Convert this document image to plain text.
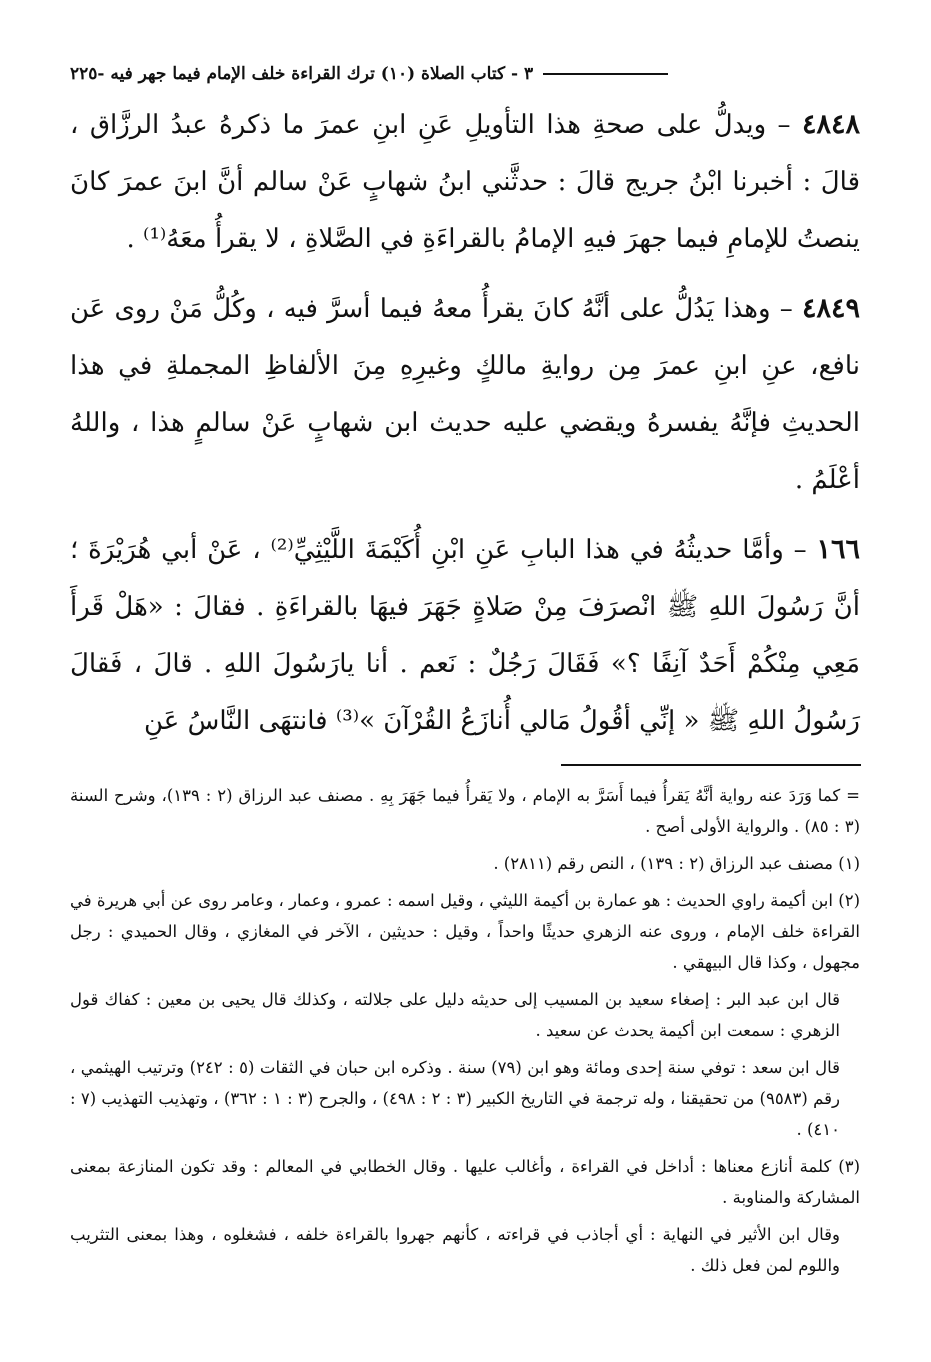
٣ - كتاب الصلاة (١٠) ترك القراءة خلف الإمام فيما جهر فيه -٢٢٥

٤٨٤٨ – ويدلُّ على صحةِ هذا التأويلِ عَنِ ابنِ عمرَ ما ذكرهُ عبدُ الرزَّاق ، قالَ : أخبرنا ابْنُ جريج قالَ : حدثَّني ابنُ شهابٍ عَنْ سالم أنَّ ابنَ عمرَ كانَ ينصتُ للإمامِ فيما جهرَ فيهِ الإمامُ بالقراءَةِ في الصَّلاةِ ، لا يقرأُ معَهُ⁽¹⁾ .

٤٨٤٩ – وهذا يَدُلُّ على أنَّهُ كانَ يقرأُ معهُ فيما أسرَّ فيه ، وكُلُّ مَنْ روى عَن نافع، عنِ ابنِ عمرَ مِن روايةِ مالكٍ وغيرِهِ مِنَ الألفاظِ المجملةِ في هذا الحديثِ فإنَّهُ يفسرهُ ويقضي عليه حديث ابن شهابٍ عَنْ سالمٍ هذا ، واللهُ أعْلَمُ .

١٦٦ – وأمَّا حديثُهُ في هذا البابِ عَنِ ابْنِ أُكَيْمَةَ اللَّيْثِيِّ⁽²⁾ ، عَنْ أبي هُرَيْرَةَ ؛ أنَّ رَسُولَ اللهِ ﷺ انْصرَفَ مِنْ صَلاةٍ جَهَرَ فيهَا بالقراءَةِ . فقالَ : «هَلْ قَرأَ مَعِي مِنْكُمْ أَحَدٌ آنِفًا ؟» فَقَالَ رَجُلٌ : نَعم . أنا يارَسُولَ اللهِ . قالَ ، فَقالَ رَسُولُ اللهِ ﷺ « إنِّي أقُولُ مَالي أُنازَعُ القُرْآنَ »⁽³⁾ فانتهَى النَّاسُ عَنِ

= كما وَرَدَ عنه رواية أنَّهُ يَقرأُ فيما أَسَرَّ به الإمام ، ولا يَقرأُ فيما جَهَرَ بِهِ . مصنف عبد الرزاق (٢ : ١٣٩)، وشرح السنة (٣ : ٨٥) . والرواية الأولى أصح .
(١) مصنف عبد الرزاق (٢ : ١٣٩) ، النص رقم (٢٨١١) .
(٢) ابن أكيمة راوي الحديث : هو عمارة بن أكيمة الليثي ، وقيل اسمه : عمرو ، وعمار ، وعامر روى عن أبي هريرة في القراءة خلف الإمام ، وروى عنه الزهري حديثًا واحداً ، وقيل : حديثين ، الآخر في المغازي ، وقال الحميدي : رجل مجهول ، وكذا قال البيهقي .
قال ابن عبد البر : إصغاء سعيد بن المسيب إلى حديثه دليل على جلالته ، وكذلك قال يحيى بن معين : كفاك قول الزهري : سمعت ابن أكيمة يحدث عن سعيد .
قال ابن سعد : توفي سنة إحدى ومائة وهو ابن (٧٩) سنة . وذكره ابن حبان في الثقات (٥ : ٢٤٢) وترتيب الهيثمي ، رقم (٩٥٨٣) من تحقيقنا ، وله ترجمة في التاريخ الكبير (٣ : ٢ : ٤٩٨) ، والجرح (٣ : ١ : ٣٦٢) ، وتهذيب التهذيب (٧ : ٤١٠) .
(٣) كلمة أنازع معناها : أداخل في القراءة ، وأغالب عليها . وقال الخطابي في المعالم : وقد تكون المنازعة بمعنى المشاركة والمناوبة .
وقال ابن الأثير في النهاية : أي أجاذب في قراءته ، كأنهم جهروا بالقراءة خلفه ، فشغلوه ، وهذا بمعنى التثريب واللوم لمن فعل ذلك .
